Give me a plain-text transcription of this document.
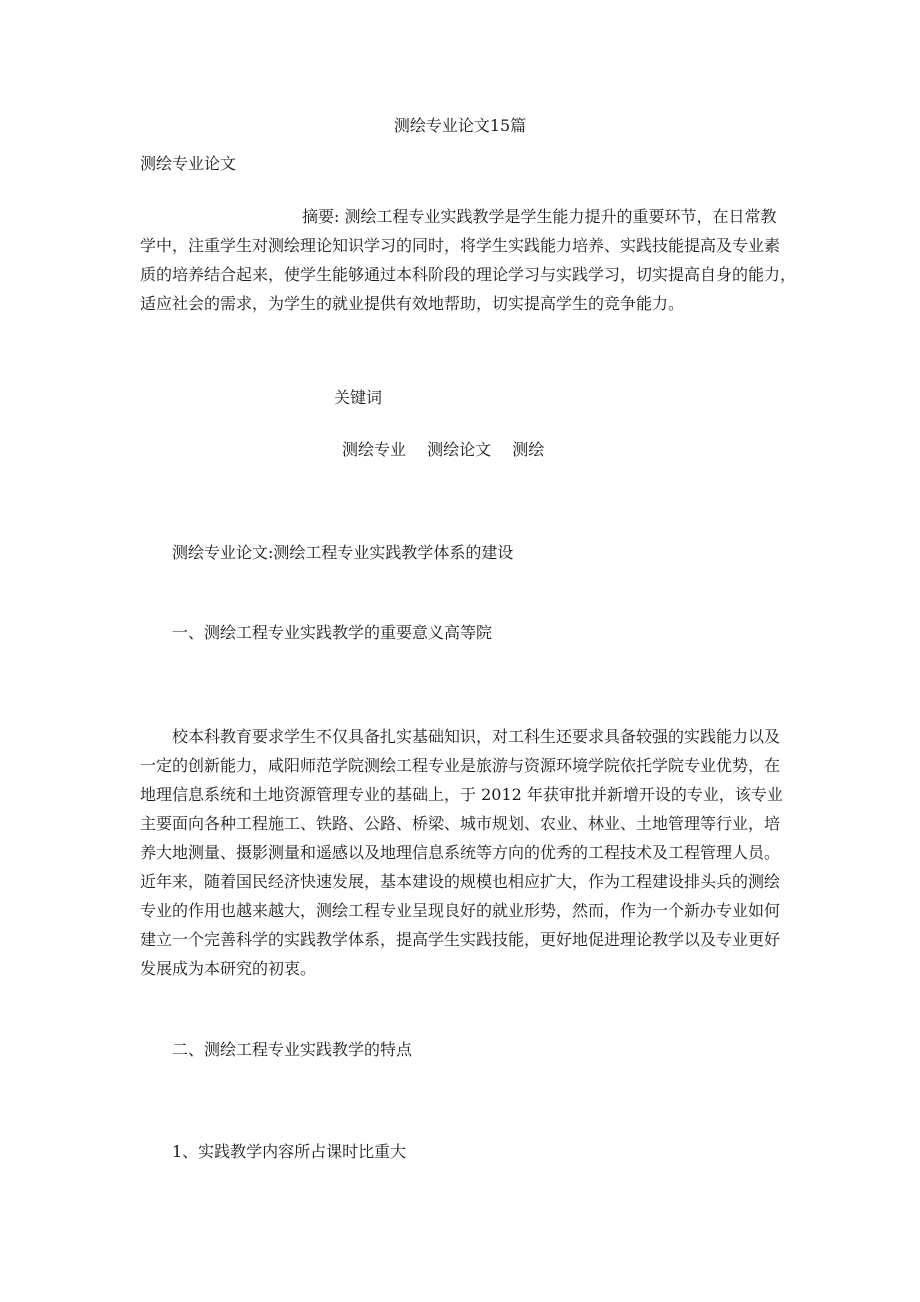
测绘专业论文15篇
测绘专业论文
摘要: 测绘工程专业实践教学是学生能力提升的重要环节，在日常教
学中，注重学生对测绘理论知识学习的同时，将学生实践能力培养、实践技能提高及专业素
质的培养结合起来，使学生能够通过本科阶段的理论学习与实践学习，切实提高自身的能力，
适应社会的需求，为学生的就业提供有效地帮助，切实提高学生的竞争能力。
关键词
测绘专业 测绘论文 测绘
测绘专业论文:测绘工程专业实践教学体系的建设
一、测绘工程专业实践教学的重要意义高等院
校本科教育要求学生不仅具备扎实基础知识，对工科生还要求具备较强的实践能力以及
一定的创新能力，咸阳师范学院测绘工程专业是旅游与资源环境学院依托学院专业优势，在
地理信息系统和土地资源管理专业的基础上，于 2012 年获审批并新增开设的专业，该专业
主要面向各种工程施工、铁路、公路、桥梁、城市规划、农业、林业、土地管理等行业，培
养大地测量、摄影测量和遥感以及地理信息系统等方向的优秀的工程技术及工程管理人员。
近年来，随着国民经济快速发展，基本建设的规模也相应扩大，作为工程建设排头兵的测绘
专业的作用也越来越大，测绘工程专业呈现良好的就业形势，然而，作为一个新办专业如何
建立一个完善科学的实践教学体系，提高学生实践技能，更好地促进理论教学以及专业更好
发展成为本研究的初衷。
二、测绘工程专业实践教学的特点
1、实践教学内容所占课时比重大
